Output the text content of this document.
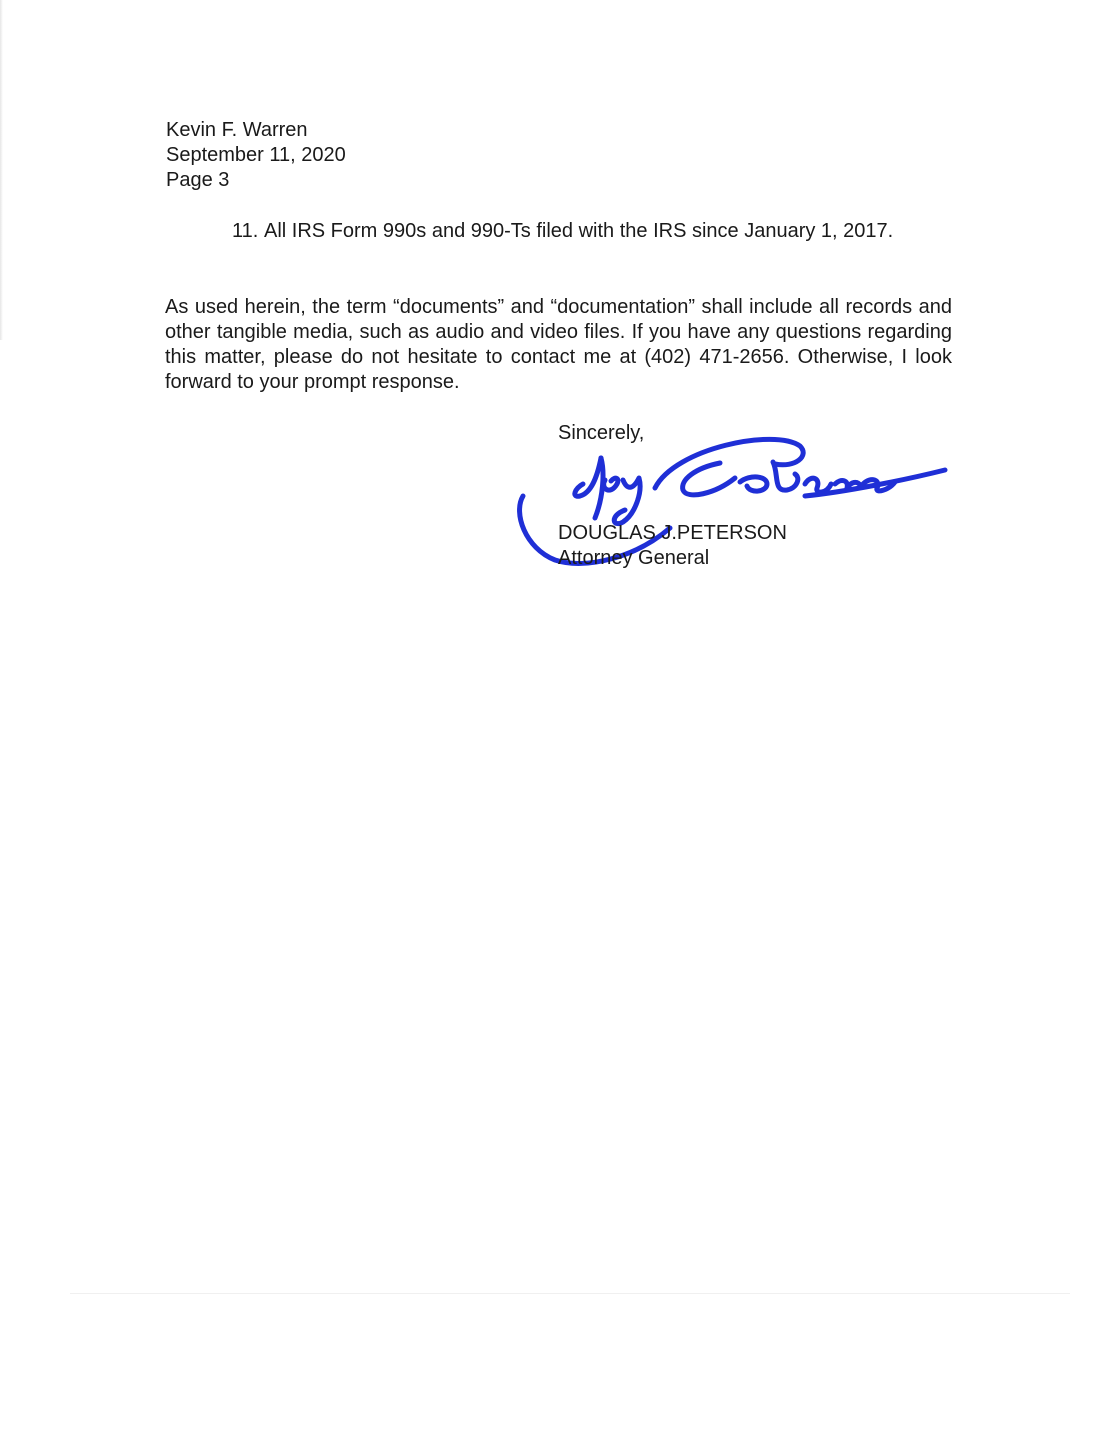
Kevin F. Warren
September 11, 2020
Page 3
11. All IRS Form 990s and 990-Ts filed with the IRS since January 1, 2017.
As used herein, the term “documents” and “documentation” shall include all records and other tangible media, such as audio and video files. If you have any questions regarding this matter, please do not hesitate to contact me at (402) 471-2656. Otherwise, I look forward to your prompt response.
Sincerely,
DOUGLAS J.PETERSON
Attorney General
